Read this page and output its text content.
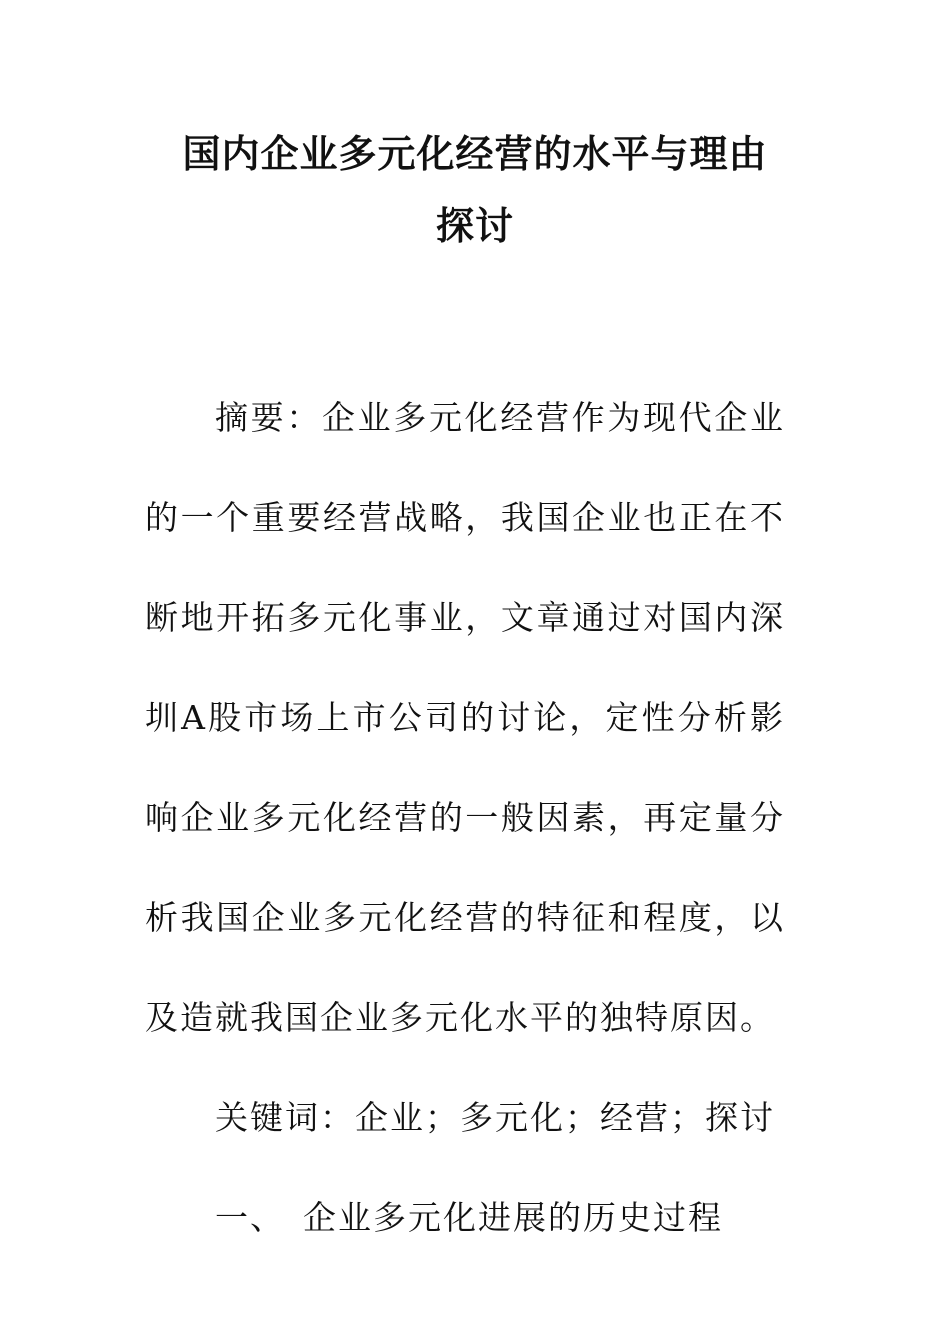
国内企业多元化经营的水平与理由
探讨

摘要：企业多元化经营作为现代企业的一个重要经营战略，我国企业也正在不断地开拓多元化事业，文章通过对国内深圳A股市场上市公司的讨论，定性分析影响企业多元化经营的一般因素，再定量分析我国企业多元化经营的特征和程度，以及造就我国企业多元化水平的独特原因。

关键词：企业；多元化；经营；探讨

一、 企业多元化进展的历史过程
